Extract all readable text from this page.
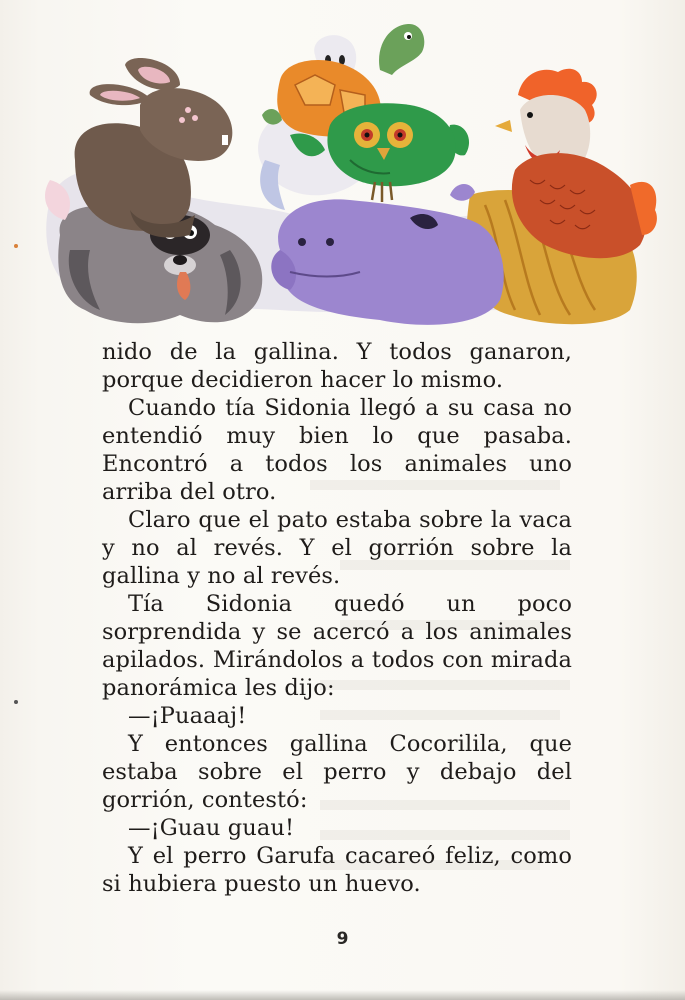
nido de la gallina. Y todos ganaron, porque decidieron hacer lo mismo.

Cuando tía Sidonia llegó a su casa no entendió muy bien lo que pasaba. Encontró a todos los animales uno arriba del otro.

Claro que el pato estaba sobre la vaca y no al revés. Y el gorrión sobre la gallina y no al revés.

Tía Sidonia quedó un poco sorprendida y se acercó a los animales apilados. Mirándolos a todos con mirada panorámica les dijo:

—¡Puaaaj!

Y entonces gallina Cocorilila, que estaba sobre el perro y debajo del gorrión, contestó:

—¡Guau guau!

Y el perro Garufa cacareó feliz, como si hubiera puesto un huevo.

9
